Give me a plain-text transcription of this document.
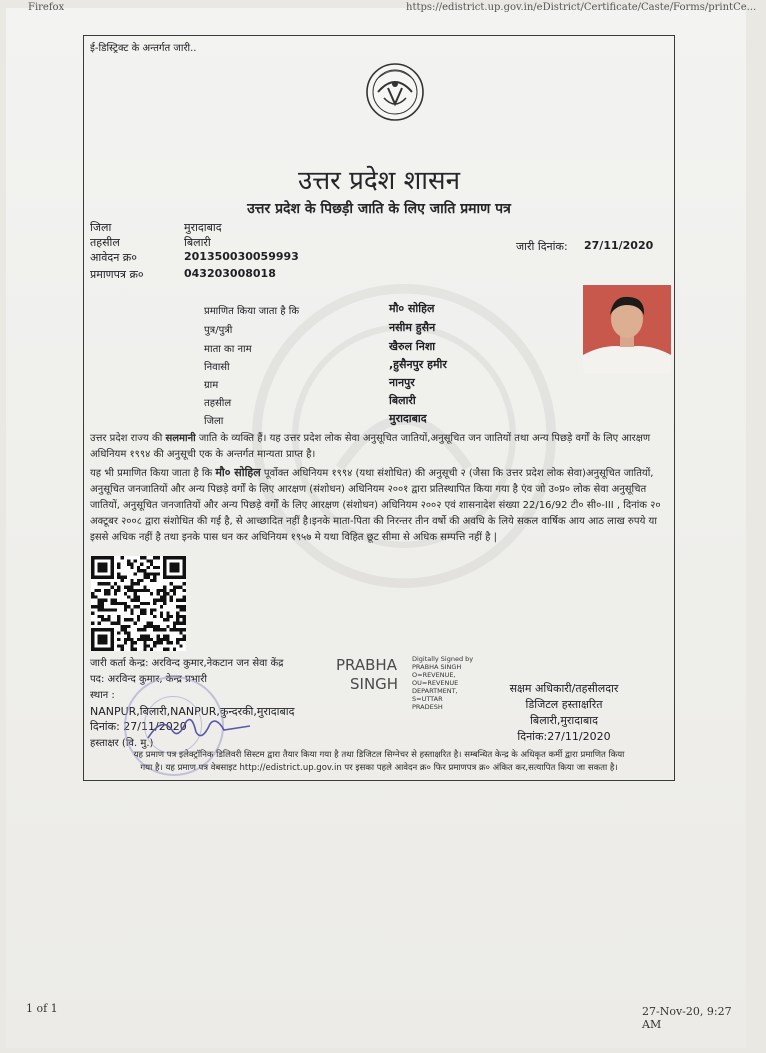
Firefox	https://edistrict.up.gov.in/eDistrict/Certificate/Caste/Forms/printCe...
ई-डिस्ट्रिक्ट के अन्तर्गत जारी..
उत्तर प्रदेश शासन
उत्तर प्रदेश के पिछड़ी जाति के लिए जाति प्रमाण पत्र
जिला	मुरादाबाद
तहसील	बिलारी
आवेदन क्र०	201350030059993
प्रमाणपत्र क्र०	043203008018
जारी दिनांक: 27/11/2020
प्रमाणित किया जाता है कि	मौ० सोहिल
पुत्र/पुत्री	नसीम हुसैन
माता का नाम	खैरुल निशा
निवासी	,हुसैनपुर हमीर
ग्राम	नानपुर
तहसील	बिलारी
जिला	मुरादाबाद
उत्तर प्रदेश राज्य की सलमानी जाति के व्यक्ति हैं। यह उत्तर प्रदेश लोक सेवा अनुसूचित जातियों,अनुसूचित जन जातियों तथा अन्य पिछड़े वर्गों के लिए आरक्षण अधिनियम १९९४ की अनुसूची एक के अन्तर्गत मान्यता प्राप्त है।
यह भी प्रमाणित किया जाता है कि मौ० सोहिल पूर्वोक्त अधिनियम १९९४ (यथा संशोधित) की अनुसूची २ (जैसा कि उत्तर प्रदेश लोक सेवा)अनुसूचित जातियों, अनुसूचित जनजातियों और अन्य पिछड़े वर्गों के लिए आरक्षण (संशोधन) अधिनियम २००१ द्वारा प्रतिस्थापित किया गया है एंव जो उ०प्र० लोक सेवा अनुसूचित जातियों, अनुसूचित जनजातियों और अन्य पिछड़े वर्गों के लिए आरक्षण (संशोधन) अधिनियम २००२ एवं शासनादेश संख्या 22/16/92 टी० सी०-III , दिनांक २० अक्टूबर २००८ द्वारा संशोधित की गई है, से आच्छादित नहीं है।इनके माता-पिता की निरन्तर तीन वर्षो की अवधि के लिये सकल वार्षिक आय आठ लाख रुपये या इससे अधिक नहीं है तथा इनके पास धन कर अधिनियम १९५७ मे यथा विहित छूट सीमा से अधिक सम्पत्ति नहीं है |
जारी कर्ता केन्द्र: अरविन्द कुमार,नेकटान जन सेवा केंद्र
पद: अरविन्द कुमार, केन्द्र प्रभारी
स्थान :
NANPUR,बिलारी,NANPUR,कुन्दरकी,मुरादाबाद
दिनांक: 27/11/2020
हस्ताक्षर (वि. मु.)
PRABHA
SINGH
Digitally Signed by
PRABHA SINGH
O=REVENUE,
OU=REVENUE
DEPARTMENT,
S=UTTAR
PRADESH
सक्षम अधिकारी/तहसीलदार
डिजिटल हस्ताक्षरित
बिलारी,मुरादाबाद
दिनांक:27/11/2020
यह प्रमाण पत्र इलेक्ट्रॉनिक डिलिवरी सिस्टम द्वारा तैयार किया गया है तथा डिजिटल सिग्नेचर से हस्ताक्षरित है। सम्बन्धित केन्द्र के अधिकृत कर्मी द्वारा प्रमाणित किया
गया है। यह प्रमाण पत्र वेबसाइट http://edistrict.up.gov.in पर इसका पहले आवेदन क्र० फिर प्रमाणपत्र क्र० अंकित कर,सत्यापित किया जा सकता है।
1 of 1	27-Nov-20, 9:27 AM
